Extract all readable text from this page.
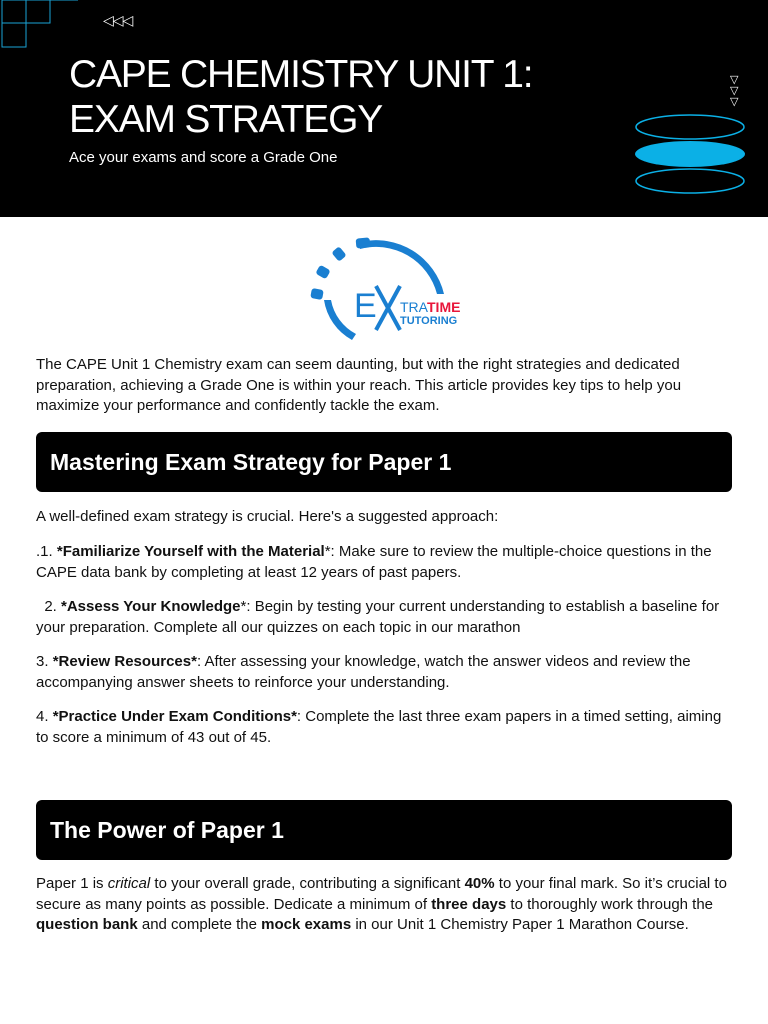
◁◁◁
CAPE CHEMISTRY UNIT 1:
EXAM STRATEGY
Ace your exams and score a Grade One
▽
▽
▽
E TRA TIME
TUTORING

The CAPE Unit 1 Chemistry exam can seem daunting, but with the right strategies and dedicated preparation, achieving a Grade One is within your reach. This article provides key tips to help you maximize your performance and confidently tackle the exam.

Mastering Exam Strategy for Paper 1

A well-defined exam strategy is crucial. Here's a suggested approach:

.1. *Familiarize Yourself with the Material*: Make sure to review the multiple-choice questions in the CAPE data bank by completing at least 12 years of past papers.

2. *Assess Your Knowledge*: Begin by testing your current understanding to establish a baseline for your preparation. Complete all our quizzes on each topic in our marathon

3. *Review Resources*: After assessing your knowledge, watch the answer videos and review the accompanying answer sheets to reinforce your understanding.

4. *Practice Under Exam Conditions*: Complete the last three exam papers in a timed setting, aiming to score a minimum of 43 out of 45.

The Power of Paper 1

Paper 1 is critical to your overall grade, contributing a significant 40% to your final mark. So it’s crucial to secure as many points as possible. Dedicate a minimum of three days to thoroughly work through the question bank and complete the mock exams in our Unit 1 Chemistry Paper 1 Marathon Course.
